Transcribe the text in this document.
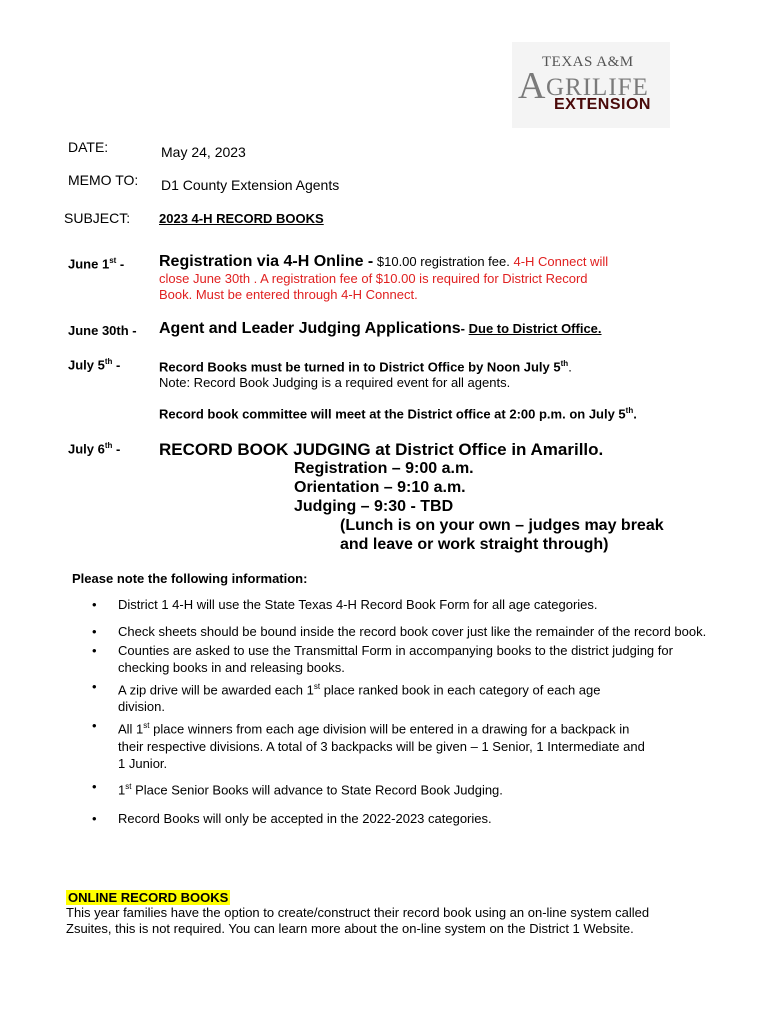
TEXAS A&M
A GRILIFE
EXTENSION
DATE:	May 24, 2023
MEMO TO: D1 County Extension Agents
SUBJECT: 2023 4-H RECORD BOOKS
June 1st - Registration via 4-H Online - $10.00 registration fee. 4-H Connect will
close June 30th . A registration fee of $10.00 is required for District Record
Book. Must be entered through 4-H Connect.
June 30th - Agent and Leader Judging Applications- Due to District Office.
July 5th -	Record Books must be turned in to District Office by Noon July 5th.
Note: Record Book Judging is a required event for all agents.
Record book committee will meet at the District office at 2:00 p.m. on July 5th.
July 6th - RECORD BOOK JUDGING at District Office in Amarillo.
Registration – 9:00 a.m.
Orientation – 9:10 a.m.
Judging – 9:30 - TBD
(Lunch is on your own – judges may break
and leave or work straight through)
Please note the following information:
• District 1 4-H will use the State Texas 4-H Record Book Form for all age categories.
• Check sheets should be bound inside the record book cover just like the remainder of the record book.
• Counties are asked to use the Transmittal Form in accompanying books to the district judging for checking books in and releasing books.
• A zip drive will be awarded each 1st place ranked book in each category of each age division.
• All 1st place winners from each age division will be entered in a drawing for a backpack in their respective divisions. A total of 3 backpacks will be given – 1 Senior, 1 Intermediate and 1 Junior.
• 1st Place Senior Books will advance to State Record Book Judging.
• Record Books will only be accepted in the 2022-2023 categories.
ONLINE RECORD BOOKS
This year families have the option to create/construct their record book using an on-line system called
Zsuites, this is not required. You can learn more about the on-line system on the District 1 Website.
